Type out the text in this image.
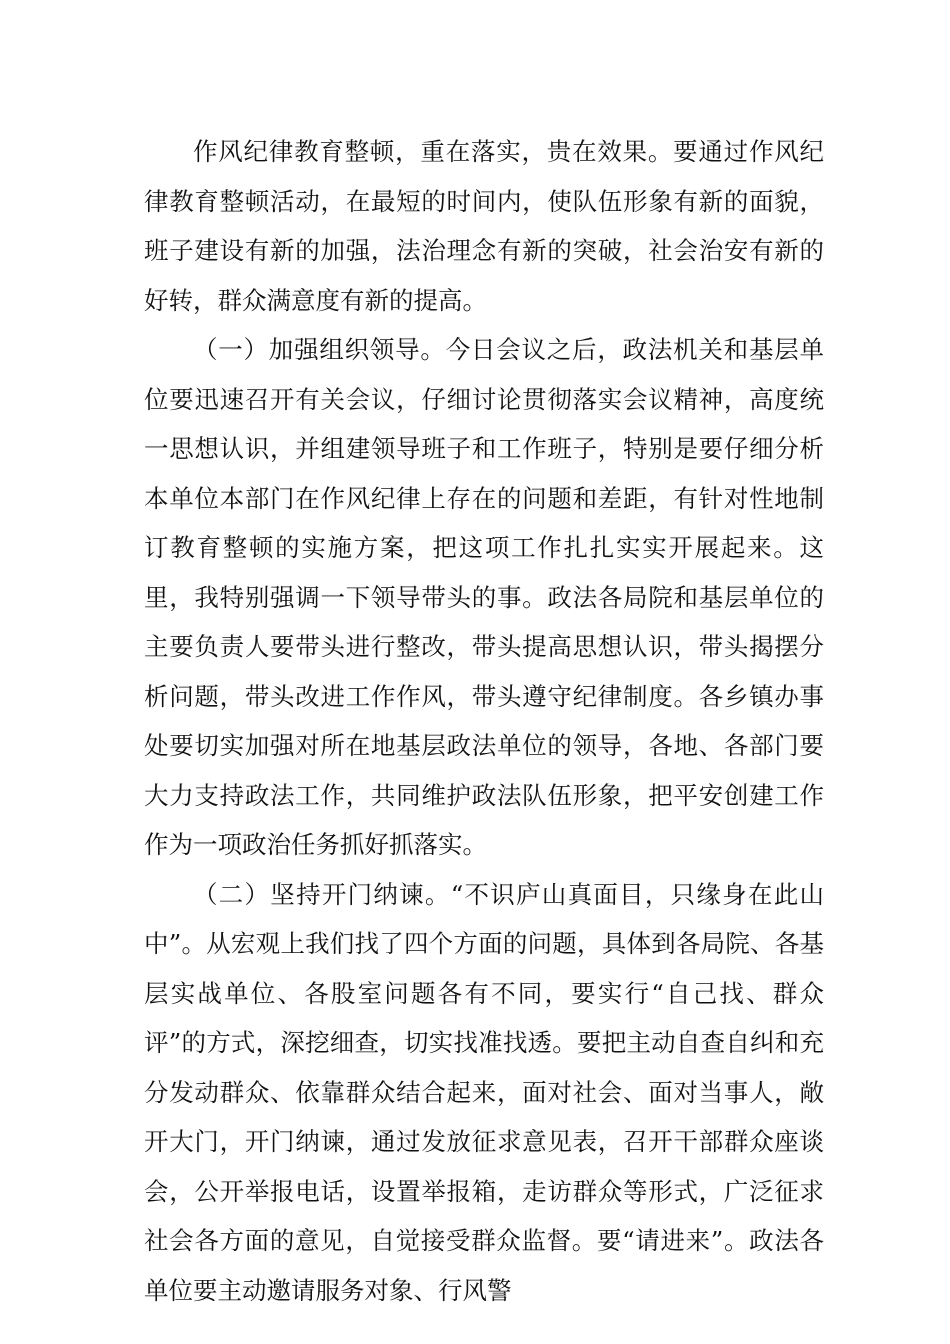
作风纪律教育整顿，重在落实，贵在效果。要通过作风纪律教育整顿活动，在最短的时间内，使队伍形象有新的面貌，班子建设有新的加强，法治理念有新的突破，社会治安有新的好转，群众满意度有新的提高。

（一）加强组织领导。今日会议之后，政法机关和基层单位要迅速召开有关会议，仔细讨论贯彻落实会议精神，高度统一思想认识，并组建领导班子和工作班子，特别是要仔细分析本单位本部门在作风纪律上存在的问题和差距，有针对性地制订教育整顿的实施方案，把这项工作扎扎实实开展起来。这里，我特别强调一下领导带头的事。政法各局院和基层单位的主要负责人要带头进行整改，带头提高思想认识，带头揭摆分析问题，带头改进工作作风，带头遵守纪律制度。各乡镇办事处要切实加强对所在地基层政法单位的领导，各地、各部门要大力支持政法工作，共同维护政法队伍形象，把平安创建工作作为一项政治任务抓好抓落实。

（二）坚持开门纳谏。“不识庐山真面目，只缘身在此山中”。从宏观上我们找了四个方面的问题，具体到各局院、各基层实战单位、各股室问题各有不同，要实行“自己找、群众评”的方式，深挖细查，切实找准找透。要把主动自查自纠和充分发动群众、依靠群众结合起来，面对社会、面对当事人，敞开大门，开门纳谏，通过发放征求意见表，召开干部群众座谈会，公开举报电话，设置举报箱，走访群众等形式，广泛征求社会各方面的意见，自觉接受群众监督。要“请进来”。政法各单位要主动邀请服务对象、行风警
